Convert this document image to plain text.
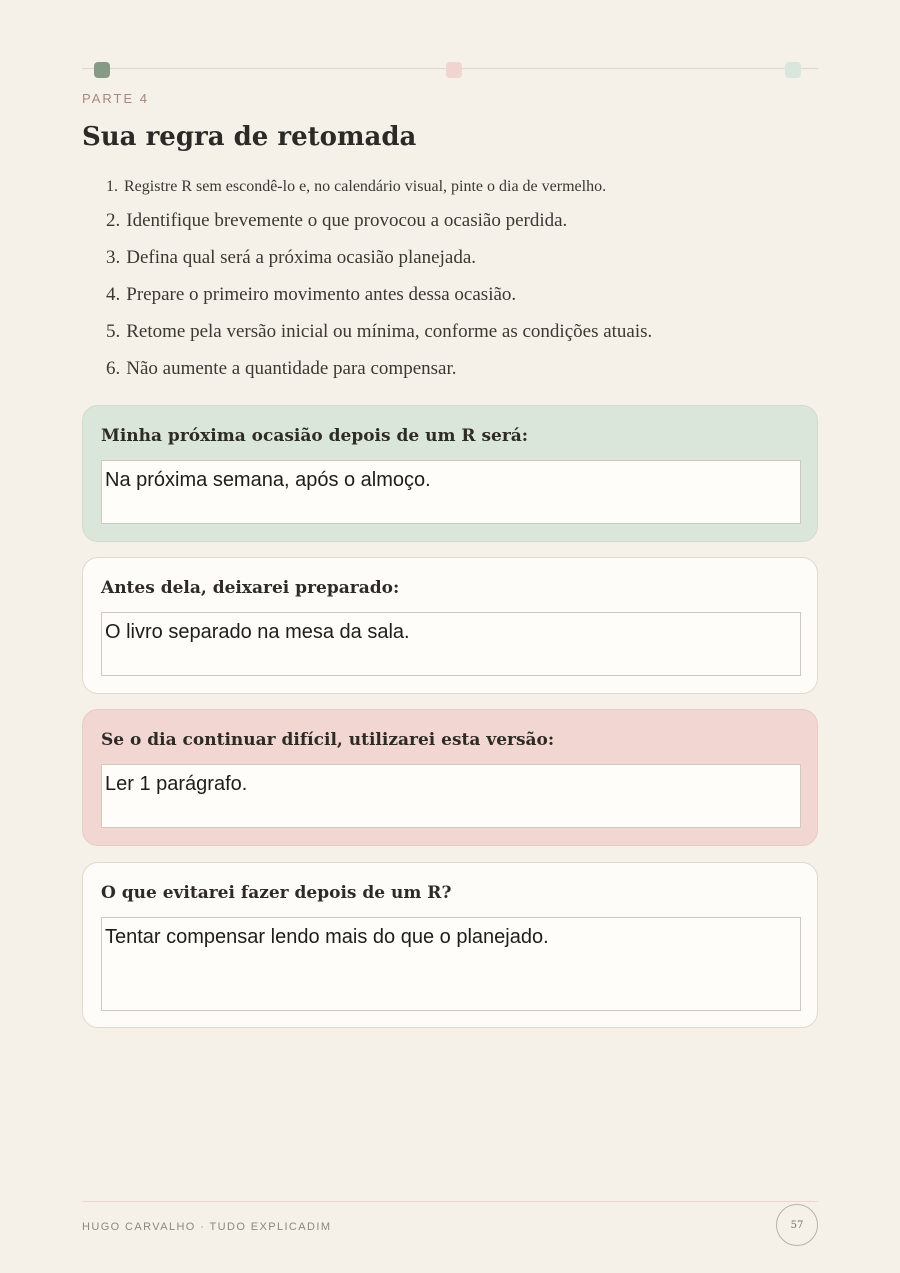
PARTE 4
Sua regra de retomada
1. Registre R sem escondê-lo e, no calendário visual, pinte o dia de vermelho.
2. Identifique brevemente o que provocou a ocasião perdida.
3. Defina qual será a próxima ocasião planejada.
4. Prepare o primeiro movimento antes dessa ocasião.
5. Retome pela versão inicial ou mínima, conforme as condições atuais.
6. Não aumente a quantidade para compensar.
Minha próxima ocasião depois de um R será:
Na próxima semana, após o almoço.
Antes dela, deixarei preparado:
O livro separado na mesa da sala.
Se o dia continuar difícil, utilizarei esta versão:
Ler 1 parágrafo.
O que evitarei fazer depois de um R?
Tentar compensar lendo mais do que o planejado.
HUGO CARVALHO · TUDO EXPLICADIM	57
